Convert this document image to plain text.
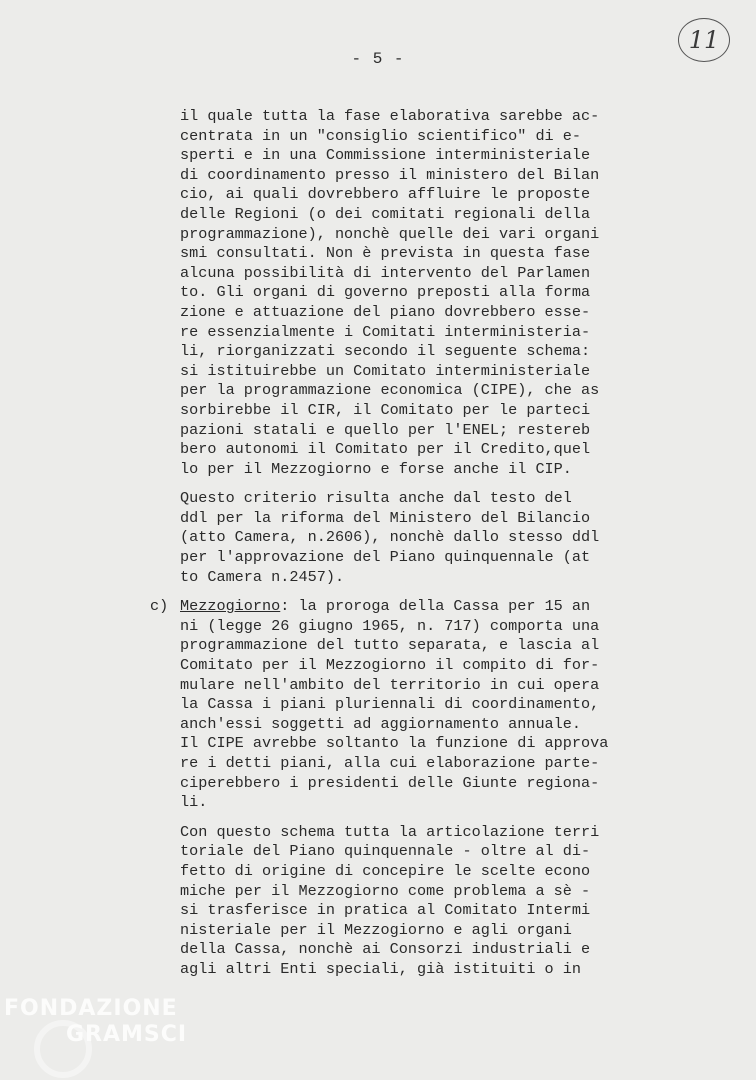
- 5 -
11
il quale tutta la fase elaborativa sarebbe ac-
centrata in un "consiglio scientifico" di e-
sperti e in una Commissione interministeriale
di coordinamento presso il ministero del Bilan
cio, ai quali dovrebbero affluire le proposte
delle Regioni (o dei comitati regionali della
programmazione), nonchè quelle dei vari organi
smi consultati. Non è prevista in questa fase
alcuna possibilità di intervento del Parlamen
to. Gli organi di governo preposti alla forma
zione e attuazione del piano dovrebbero esse-
re essenzialmente i Comitati interministeria-
li, riorganizzati secondo il seguente schema:
si istituirebbe un Comitato interministeriale
per la programmazione economica (CIPE), che as
sorbirebbe il CIR, il Comitato per le parteci
pazioni statali e quello per l'ENEL; restereb
bero autonomi il Comitato per il Credito,quel
lo per il Mezzogiorno e forse anche il CIP.
Questo criterio risulta anche dal testo del
ddl per la riforma del Ministero del Bilancio
(atto Camera, n.2606), nonchè dallo stesso ddl
per l'approvazione del Piano quinquennale (at
to Camera n.2457).
c) Mezzogiorno: la proroga della Cassa per 15 an
ni (legge 26 giugno 1965, n. 717) comporta una
programmazione del tutto separata, e lascia al
Comitato per il Mezzogiorno il compito di for-
mulare nell'ambito del territorio in cui opera
la Cassa i piani pluriennali di coordinamento,
anch'essi soggetti ad aggiornamento annuale.
Il CIPE avrebbe soltanto la funzione di approva
re i detti piani, alla cui elaborazione parte-
ciperebbero i presidenti delle Giunte regiona-
li.
Con questo schema tutta la articolazione terri
toriale del Piano quinquennale - oltre al di-
fetto di origine di concepire le scelte econo
miche per il Mezzogiorno come problema a sè -
si trasferisce in pratica al Comitato Intermi
nisteriale per il Mezzogiorno e agli organi
della Cassa, nonchè ai Consorzi industriali e
agli altri Enti speciali, già istituiti o in
FONDAZIONE
GRAMSCI
